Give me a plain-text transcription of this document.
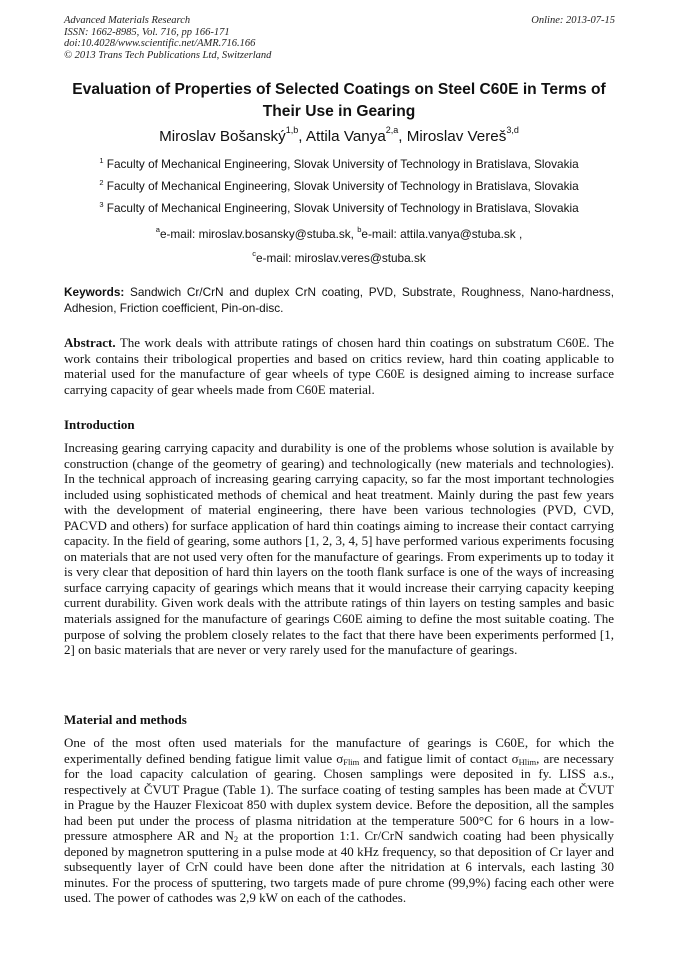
Advanced Materials Research
ISSN: 1662-8985, Vol. 716, pp 166-171
doi:10.4028/www.scientific.net/AMR.716.166
© 2013 Trans Tech Publications Ltd, Switzerland
Online: 2013-07-15
Evaluation of Properties of Selected Coatings on Steel C60E in Terms of
Their Use in Gearing
Miroslav Bošanský$^{1,b}$, Attila Vanya$^{2,a}$, Miroslav Vereš$^{3,d}$
$^1$ Faculty of Mechanical Engineering, Slovak University of Technology in Bratislava, Slovakia
$^2$ Faculty of Mechanical Engineering, Slovak University of Technology in Bratislava, Slovakia
$^3$ Faculty of Mechanical Engineering, Slovak University of Technology in Bratislava, Slovakia
$^a$e-mail: miroslav.bosansky@stuba.sk, $^b$e-mail: attila.vanya@stuba.sk ,
$^c$e-mail: miroslav.veres@stuba.sk
Keywords: Sandwich Cr/CrN and duplex CrN coating, PVD, Substrate, Roughness, Nano-hardness, Adhesion, Friction coefficient, Pin-on-disc.
Abstract. The work deals with attribute ratings of chosen hard thin coatings on substratum C60E. The work contains their tribological properties and based on critics review, hard thin coating applicable to material used for the manufacture of gear wheels of type C60E is designed aiming to increase surface carrying capacity of gear wheels made from C60E material.
Introduction
Increasing gearing carrying capacity and durability is one of the problems whose solution is available by construction (change of the geometry of gearing) and technologically (new materials and technologies). In the technical approach of increasing gearing carrying capacity, so far the most important technologies included using sophisticated methods of chemical and heat treatment. Mainly during the past few years with the development of material engineering, there have been various technologies (PVD, CVD, PACVD and others) for surface application of hard thin coatings aiming to increase their contact carrying capacity. In the field of gearing, some authors [1, 2, 3, 4, 5] have performed various experiments focusing on materials that are not used very often for the manufacture of gearings. From experiments up to today it is very clear that deposition of hard thin layers on the tooth flank surface is one of the ways of increasing surface carrying capacity of gearings which means that it would increase their carrying capacity keeping current durability. Given work deals with the attribute ratings of thin layers on testing samples and basic materials assigned for the manufacture of gearings C60E aiming to define the most suitable coating. The purpose of solving the problem closely relates to the fact that there have been experiments performed [1, 2] on basic materials that are never or very rarely used for the manufacture of gearings.
Material and methods
One of the most often used materials for the manufacture of gearings is C60E, for which the experimentally defined bending fatigue limit value $\sigma_{Flim}$ and fatigue limit of contact $\sigma_{Hlim}$, are necessary for the load capacity calculation of gearing. Chosen samplings were deposited in fy. LISS a.s., respectively at ČVUT Prague (Table 1). The surface coating of testing samples has been made at ČVUT in Prague by the Hauzer Flexicoat 850 with duplex system device. Before the deposition, all the samples had been put under the process of plasma nitridation at the temperature 500°C for 6 hours in a low-pressure atmosphere AR and $N_2$ at the proportion 1:1. Cr/CrN sandwich coating had been physically deponed by magnetron sputtering in a pulse mode at 40 kHz frequency, so that deposition of Cr layer and subsequently layer of CrN could have been done after the nitridation at 6 intervals, each lasting 30 minutes. For the process of sputtering, two targets made of pure chrome (99,9%) facing each other were used. The power of cathodes was 2,9 kW on each of the cathodes.
